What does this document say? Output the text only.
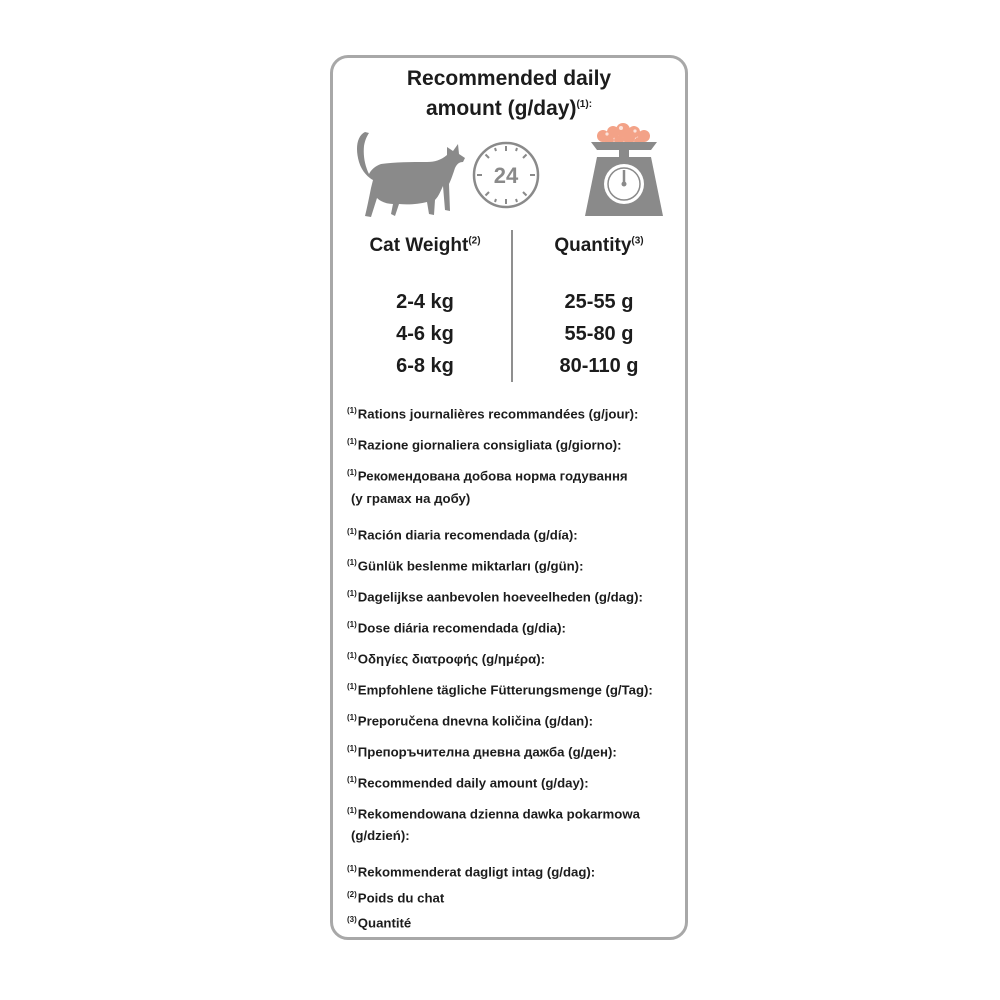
Recommended daily
amount $(g/day)^{(1):}$
24
Cat Weight$^{(2)}$	Quantity$^{(3)}$
2-4 kg
4-6 kg
6-8 kg
25-55 g
55-80 g
80-110 g
$^{(1)}$Rations journalières recommandées (g/jour):
$^{(1)}$Razione giornaliera consigliata (g/giorno):
$^{(1)}$Рекомендована добова норма годування
(у грамах на добу)
$^{(1)}$Ración diaria recomendada (g/día):
$^{(1)}$Günlük beslenme miktarları (g/gün):
$^{(1)}$Dagelijkse aanbevolen hoeveelheden (g/dag):
$^{(1)}$Dose diária recomendada (g/dia):
$^{(1)}$Οδηγίες διατροφής (g/ημέρα):
$^{(1)}$Empfohlene tägliche Fütterungsmenge (g/Tag):
$^{(1)}$Preporučena dnevna količina (g/dan):
$^{(1)}$Препоръчителна дневна дажба (g/ден):
$^{(1)}$Recommended daily amount (g/day):
$^{(1)}$Rekomendowana dzienna dawka pokarmowa
(g/dzień):
$^{(1)}$Rekommenderat dagligt intag (g/dag):
$^{(2)}$Poids du chat
$^{(3)}$Quantité
